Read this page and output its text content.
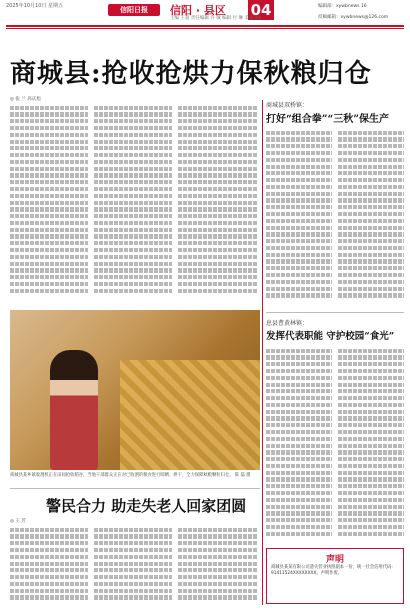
2025年10月10日 星期五	信阳日报	信阳 · 县区 04
主编 王超 责任编辑 许 敏 编辑 付 琳 美编 XX
编辑部：xywbnews 16
投稿邮箱：xywbnews@126.com
商城县:抢收抢烘力保秋粮归仓
◎ 张 兰 高庆旭
商城县某乡镇收割机正在田间抢收稻谷，当地干部群众正在对已收割的粮食进行晾晒、烘干，全力保障秋粮颗粒归仓。 陈 磊 摄
商城县双桥镇：
打好“组合拳”“三秋”保生产
息县曹黄林镇：
发挥代表职能 守护校园“食光”
警民合力 助走失老人回家团圆
◎ 王 芳
声明
商城县某某有限公司遗失营业执照副本一份，统一社会信用代码：91411524XXXXXXXX，声明作废。
